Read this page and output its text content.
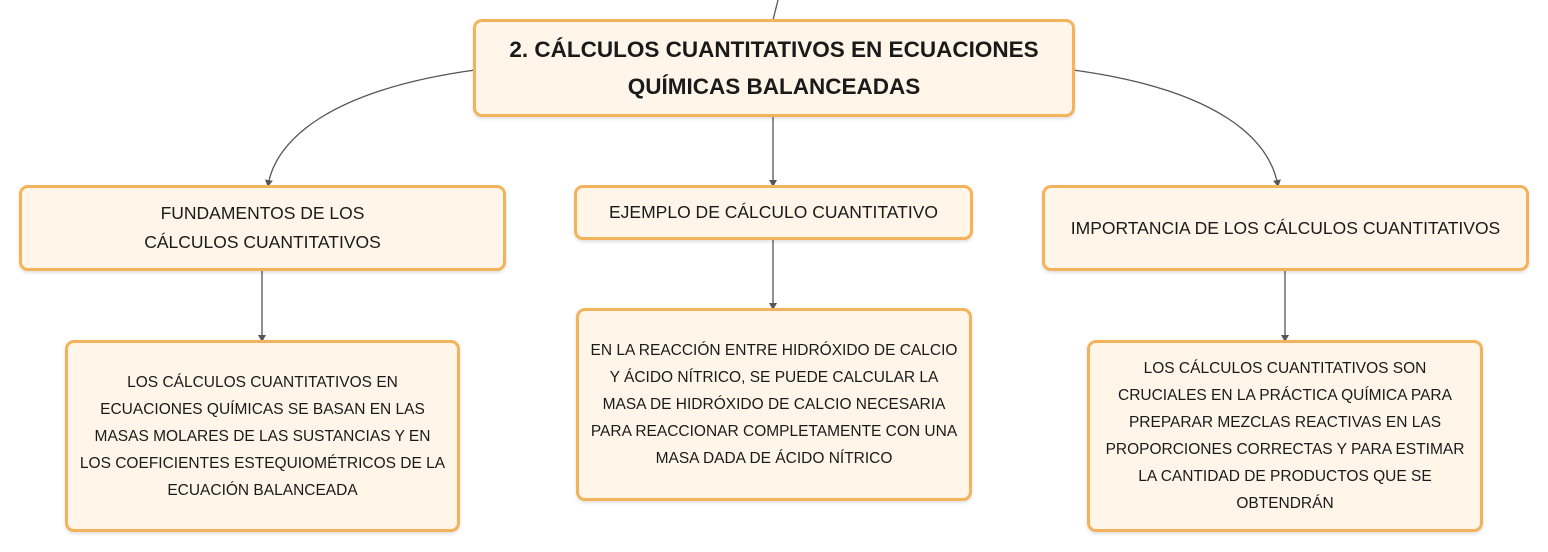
2. CÁLCULOS CUANTITATIVOS EN ECUACIONES QUÍMICAS BALANCEADAS
FUNDAMENTOS DE LOS CÁLCULOS CUANTITATIVOS
EJEMPLO DE CÁLCULO CUANTITATIVO
IMPORTANCIA DE LOS CÁLCULOS CUANTITATIVOS
LOS CÁLCULOS CUANTITATIVOS EN ECUACIONES QUÍMICAS SE BASAN EN LAS MASAS MOLARES DE LAS SUSTANCIAS Y EN LOS COEFICIENTES ESTEQUIOMÉTRICOS DE LA ECUACIÓN BALANCEADA
EN LA REACCIÓN ENTRE HIDRÓXIDO DE CALCIO Y ÁCIDO NÍTRICO, SE PUEDE CALCULAR LA MASA DE HIDRÓXIDO DE CALCIO NECESARIA PARA REACCIONAR COMPLETAMENTE CON UNA MASA DADA DE ÁCIDO NÍTRICO
LOS CÁLCULOS CUANTITATIVOS SON CRUCIALES EN LA PRÁCTICA QUÍMICA PARA PREPARAR MEZCLAS REACTIVAS EN LAS PROPORCIONES CORRECTAS Y PARA ESTIMAR LA CANTIDAD DE PRODUCTOS QUE SE OBTENDRÁN
